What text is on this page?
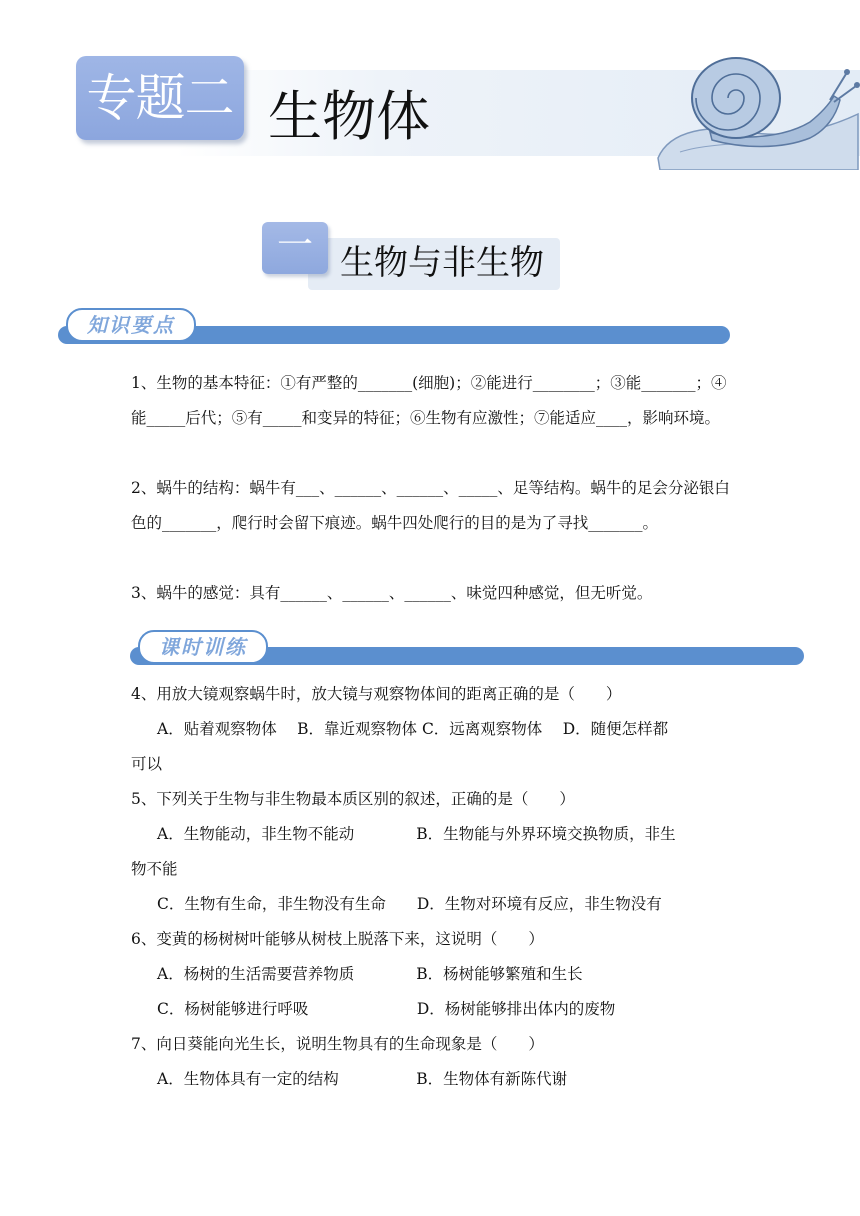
专题二 生物体
一 生物与非生物
知识要点
1、生物的基本特征：①有严整的_______(细胞)；②能进行________；③能_______；④能_____后代；⑤有_____和变异的特征；⑥生物有应激性；⑦能适应____，影响环境。
2、蜗牛的结构：蜗牛有___、______、______、_____、足等结构。蜗牛的足会分泌银白色的_______，爬行时会留下痕迹。蜗牛四处爬行的目的是为了寻找_______。
3、蜗牛的感觉：具有______、______、______、味觉四种感觉，但无听觉。
课时训练
4、用放大镜观察蜗牛时，放大镜与观察物体间的距离正确的是（　　）
A．贴着观察物体　 B．靠近观察物体 C．远离观察物体　 D．随便怎样都
可以
5、下列关于生物与非生物最本质区别的叙述，正确的是（　　）
A．生物能动，非生物不能动　　　　B．生物能与外界环境交换物质，非生
物不能
C．生物有生命，非生物没有生命　　D．生物对环境有反应，非生物没有
6、变黄的杨树树叶能够从树枝上脱落下来，这说明（　　）
A．杨树的生活需要营养物质　　　　B．杨树能够繁殖和生长
C．杨树能够进行呼吸　　　　　　　D．杨树能够排出体内的废物
7、向日葵能向光生长，说明生物具有的生命现象是（　　）
A．生物体具有一定的结构　　　　　B．生物体有新陈代谢
